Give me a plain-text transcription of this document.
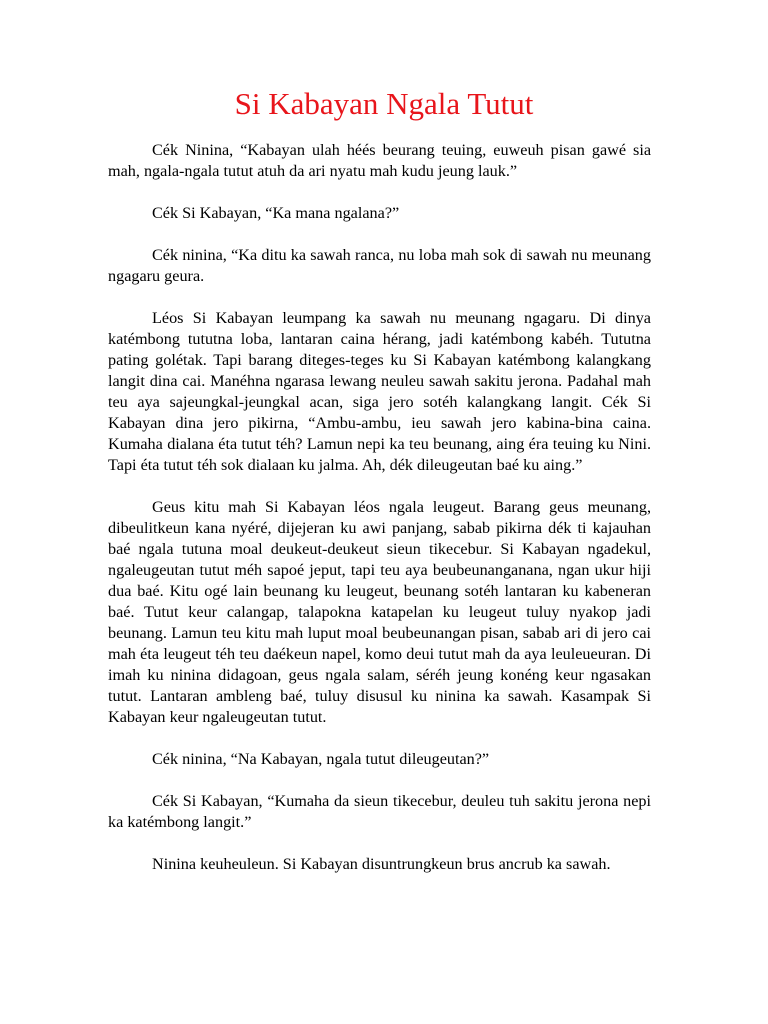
Si Kabayan Ngala Tutut

Cék Ninina, “Kabayan ulah héés beurang teuing, euweuh pisan gawé sia mah, ngala-ngala tutut atuh da ari nyatu mah kudu jeung lauk.”

Cék Si Kabayan, “Ka mana ngalana?”

Cék ninina, “Ka ditu ka sawah ranca, nu loba mah sok di sawah nu meunang ngagaru geura.

Léos Si Kabayan leumpang ka sawah nu meunang ngagaru. Di dinya katémbong tututna loba, lantaran caina hérang, jadi katémbong kabéh. Tututna pating golétak. Tapi barang diteges-teges ku Si Kabayan katémbong kalangkang langit dina cai. Manéhna ngarasa lewang neuleu sawah sakitu jerona. Padahal mah teu aya sajeungkal-jeungkal acan, siga jero sotéh kalangkang langit. Cék Si Kabayan dina jero pikirna, “Ambu-ambu, ieu sawah jero kabina-bina caina. Kumaha dialana éta tutut téh? Lamun nepi ka teu beunang, aing éra teuing ku Nini. Tapi éta tutut téh sok dialaan ku jalma. Ah, dék dileugeutan baé ku aing.”

Geus kitu mah Si Kabayan léos ngala leugeut. Barang geus meunang, dibeulitkeun kana nyéré, dijejeran ku awi panjang, sabab pikirna dék ti kajauhan baé ngala tutuna moal deukeut-deukeut sieun tikecebur. Si Kabayan ngadekul, ngaleugeutan tutut méh sapoé jeput, tapi teu aya beubeunanganana, ngan ukur hiji dua baé. Kitu ogé lain beunang ku leugeut, beunang sotéh lantaran ku kabeneran baé. Tutut keur calangap, talapokna katapelan ku leugeut tuluy nyakop jadi beunang. Lamun teu kitu mah luput moal beubeunangan pisan, sabab ari di jero cai mah éta leugeut téh teu daékeun napel, komo deui tutut mah da aya leuleueuran. Di imah ku ninina didagoan, geus ngala salam, séréh jeung konéng keur ngasakan tutut. Lantaran ambleng baé, tuluy disusul ku ninina ka sawah. Kasampak Si Kabayan keur ngaleugeutan tutut.

Cék ninina, “Na Kabayan, ngala tutut dileugeutan?”

Cék Si Kabayan, “Kumaha da sieun tikecebur, deuleu tuh sakitu jerona nepi ka katémbong langit.”

Ninina keuheuleun. Si Kabayan disuntrungkeun brus ancrub ka sawah.
